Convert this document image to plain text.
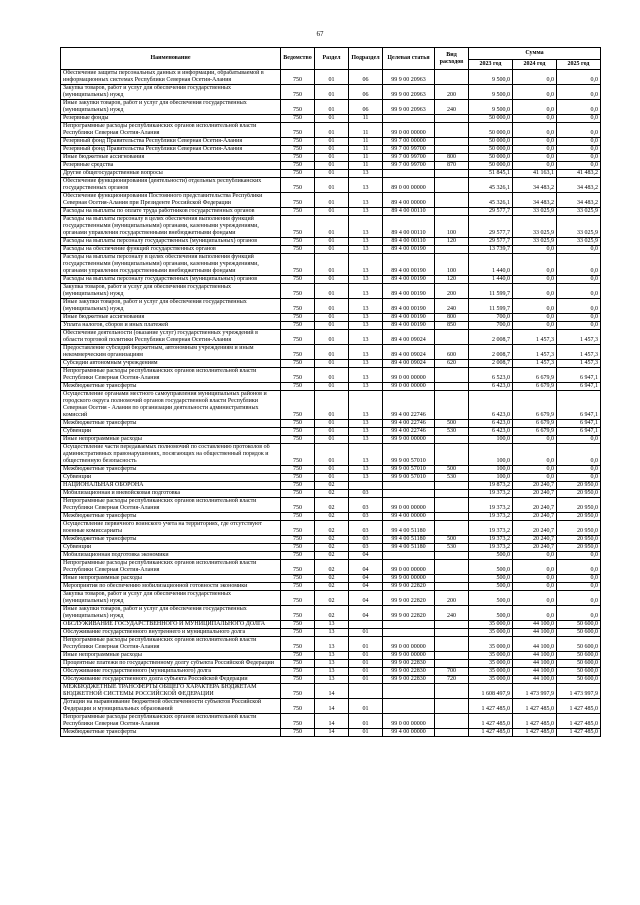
67
Наименование	Ведомство	Раздел	Подраздел	Целевая статья	Вид расходов	Сумма		
						2023 год	2024 год	2025 год
Обеспечение защиты персональных данных и информации, обрабатываемой в информационных системах Республики Северная Осетия-Алания	750	01	06	99 9 00 20963		9 500,0	0,0	0,0
Закупка товаров, работ и услуг для обеспечения государственных (муниципальных) нужд	750	01	06	99 9 00 20963	200	9 500,0	0,0	0,0
Иные закупки товаров, работ и услуг для обеспечения государственных (муниципальных) нужд	750	01	06	99 9 00 20963	240	9 500,0	0,0	0,0
Резервные фонды	750	01	11			50 000,0	0,0	0,0
Непрограммные расходы республиканских органов исполнительной власти Республики Северная Осетия-Алания	750	01	11	99 0 00 00000		50 000,0	0,0	0,0
Резервный фонд Правительства Республики Северная Осетия-Алания	750	01	11	99 7 00 00000		50 000,0	0,0	0,0
Резервный фонд Правительства Республики Северная Осетия-Алания	750	01	11	99 7 00 99700		50 000,0	0,0	0,0
Иные бюджетные ассигнования	750	01	11	99 7 00 99700	800	50 000,0	0,0	0,0
Резервные средства	750	01	11	99 7 00 99700	870	50 000,0	0,0	0,0
Другие общегосударственные вопросы	750	01	13			51 845,1	41 163,1	41 483,2
Обеспечение функционирования (деятельности) отдельных республиканских государственных органов	750	01	13	89 0 00 00000		45 326,1	34 483,2	34 483,2
Обеспечение функционирования Постоянного представительства Республики Северная Осетия-Алания при Президенте Российской Федерации	750	01	13	89 4 00 00000		45 326,1	34 483,2	34 483,2
Расходы на выплаты по оплате труда работников государственных органов	750	01	13	89 4 00 00110		29 577,7	33 025,9	33 025,9
Расходы на выплаты персоналу в целях обеспечения выполнения функций государственными (муниципальными) органами, казенными учреждениями, органами управления государственными внебюджетными фондами	750	01	13	89 4 00 00110	100	29 577,7	33 025,9	33 025,9
Расходы на выплаты персоналу государственных (муниципальных) органов	750	01	13	89 4 00 00110	120	29 577,7	33 025,9	33 025,9
Расходы на обеспечение функций государственных органов	750	01	13	89 4 00 00190		13 739,7	0,0	0,0
Расходы на выплаты персоналу в целях обеспечения выполнения функций государственными (муниципальными) органами, казенными учреждениями, органами управления государственными внебюджетными фондами	750	01	13	89 4 00 00190	100	1 440,0	0,0	0,0
Расходы на выплаты персоналу государственных (муниципальных) органов	750	01	13	89 4 00 00190	120	1 440,0	0,0	0,0
Закупка товаров, работ и услуг для обеспечения государственных (муниципальных) нужд	750	01	13	89 4 00 00190	200	11 599,7	0,0	0,0
Иные закупки товаров, работ и услуг для обеспечения государственных (муниципальных) нужд	750	01	13	89 4 00 00190	240	11 599,7	0,0	0,0
Иные бюджетные ассигнования	750	01	13	89 4 00 00190	800	700,0	0,0	0,0
Уплата налогов, сборов и иных платежей	750	01	13	89 4 00 00190	850	700,0	0,0	0,0
Обеспечение деятельности (оказание услуг) государственных учреждений в области торговой политики Республики Северная Осетия-Алания	750	01	13	89 4 00 09024		2 008,7	1 457,3	1 457,3
Предоставление субсидий бюджетным, автономным учреждениям и иным некоммерческим организациям	750	01	13	89 4 00 09024	600	2 008,7	1 457,3	1 457,3
Субсидии автономным учреждениям	750	01	13	89 4 00 09024	620	2 008,7	1 457,3	1 457,3
Непрограммные расходы республиканских органов исполнительной власти Республики Северная Осетия-Алания	750	01	13	99 0 00 00000		6 523,0	6 679,9	6 947,1
Межбюджетные трансферты	750	01	13	99 0 00 00000		6 423,0	6 679,9	6 947,1
Осуществление органами местного самоуправления муниципальных районов и городского округа полномочий органов государственной власти Республики Северная Осетия - Алания по организации деятельности административных комиссий	750	01	13	99 4 00 22746		6 423,0	6 679,9	6 947,1
Межбюджетные трансферты	750	01	13	99 4 00 22746	500	6 423,0	6 679,9	6 947,1
Субвенции	750	01	13	99 4 00 22746	530	6 423,0	6 679,9	6 947,1
Иные непрограммные расходы	750	01	13	99 9 00 00000		100,0	0,0	0,0
Осуществление части передаваемых полномочий по составлению протоколов об административных правонарушениях, посягающих на общественный порядок и общественную безопасность	750	01	13	99 9 00 57010		100,0	0,0	0,0
Межбюджетные трансферты	750	01	13	99 9 00 57010	500	100,0	0,0	0,0
Субвенции	750	01	13	99 9 00 57010	530	100,0	0,0	0,0
НАЦИОНАЛЬНАЯ ОБОРОНА	750	02				19 873,2	20 240,7	20 950,0
Мобилизационная и вневойсковая подготовка	750	02	03			19 373,2	20 240,7	20 950,0
Непрограммные расходы республиканских органов исполнительной власти Республики Северная Осетия-Алания	750	02	03	99 0 00 00000		19 373,2	20 240,7	20 950,0
Межбюджетные трансферты	750	02	03	99 4 00 00000		19 373,2	20 240,7	20 950,0
Осуществление первичного воинского учета на территориях, где отсутствуют военные комиссариаты	750	02	03	99 4 00 51180		19 373,2	20 240,7	20 950,0
Межбюджетные трансферты	750	02	03	99 4 00 51180	500	19 373,2	20 240,7	20 950,0
Субвенции	750	02	03	99 4 00 51180	530	19 373,2	20 240,7	20 950,0
Мобилизационная подготовка экономики	750	02	04			500,0	0,0	0,0
Непрограммные расходы республиканских органов исполнительной власти Республики Северная Осетия-Алания	750	02	04	99 0 00 00000		500,0	0,0	0,0
Иные непрограммные расходы	750	02	04	99 9 00 00000		500,0	0,0	0,0
Мероприятия по обеспечению мобилизационной готовности экономики	750	02	04	99 9 00 22820		500,0	0,0	0,0
Закупка товаров, работ и услуг для обеспечения государственных (муниципальных) нужд	750	02	04	99 9 00 22820	200	500,0	0,0	0,0
Иные закупки товаров, работ и услуг для обеспечения государственных (муниципальных) нужд	750	02	04	99 9 00 22820	240	500,0	0,0	0,0
ОБСЛУЖИВАНИЕ ГОСУДАРСТВЕННОГО И МУНИЦИПАЛЬНОГО ДОЛГА	750	13				35 000,0	44 100,0	50 600,0
Обслуживание государственного внутреннего и муниципального долга	750	13	01			35 000,0	44 100,0	50 600,0
Непрограммные расходы республиканских органов исполнительной власти Республики Северная Осетия-Алания	750	13	01	99 0 00 00000		35 000,0	44 100,0	50 600,0
Иные непрограммные расходы	750	13	01	99 9 00 00000		35 000,0	44 100,0	50 600,0
Процентные платежи по государственному долгу субъекта Российской Федерации	750	13	01	99 9 00 22830		35 000,0	44 100,0	50 600,0
Обслуживание государственного (муниципального) долга	750	13	01	99 9 00 22830	700	35 000,0	44 100,0	50 600,0
Обслуживание государственного долга субъекта Российской Федерации	750	13	01	99 9 00 22830	720	35 000,0	44 100,0	50 600,0
МЕЖБЮДЖЕТНЫЕ ТРАНСФЕРТЫ ОБЩЕГО ХАРАКТЕРА БЮДЖЕТАМ БЮДЖЕТНОЙ СИСТЕМЫ РОССИЙСКОЙ ФЕДЕРАЦИИ	750	14				1 608 497,9	1 473 997,9	1 473 997,9
Дотации на выравнивание бюджетной обеспеченности субъектов Российской Федерации и муниципальных образований	750	14	01			1 427 485,0	1 427 485,0	1 427 485,0
Непрограммные расходы республиканских органов исполнительной власти Республики Северная Осетия-Алания	750	14	01	99 0 00 00000		1 427 485,0	1 427 485,0	1 427 485,0
Межбюджетные трансферты	750	14	01	99 4 00 00000		1 427 485,0	1 427 485,0	1 427 485,0
